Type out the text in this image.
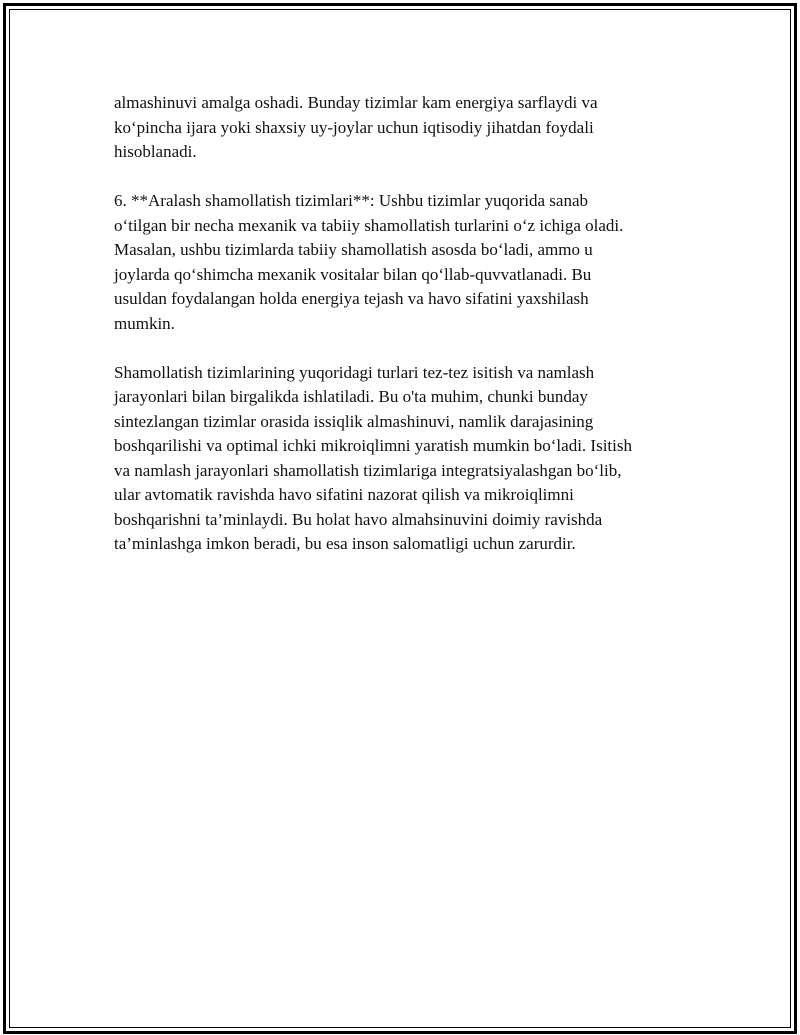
almashinuvi amalga oshadi. Bunday tizimlar kam energiya sarflaydi va
ko‘pincha ijara yoki shaxsiy uy-joylar uchun iqtisodiy jihatdan foydali
hisoblanadi.

6. **Aralash shamollatish tizimlari**: Ushbu tizimlar yuqorida sanab
o‘tilgan bir necha mexanik va tabiiy shamollatish turlarini o‘z ichiga oladi.
Masalan, ushbu tizimlarda tabiiy shamollatish asosda bo‘ladi, ammo u
joylarda qo‘shimcha mexanik vositalar bilan qo‘llab-quvvatlanadi. Bu
usuldan foydalangan holda energiya tejash va havo sifatini yaxshilash
mumkin.

Shamollatish tizimlarining yuqoridagi turlari tez-tez isitish va namlash
jarayonlari bilan birgalikda ishlatiladi. Bu o'ta muhim, chunki bunday
sintezlangan tizimlar orasida issiqlik almashinuvi, namlik darajasining
boshqarilishi va optimal ichki mikroiqlimni yaratish mumkin bo‘ladi. Isitish
va namlash jarayonlari shamollatish tizimlariga integratsiyalashgan bo‘lib,
ular avtomatik ravishda havo sifatini nazorat qilish va mikroiqlimni
boshqarishni ta’minlaydi. Bu holat havo almahsinuvini doimiy ravishda
ta’minlashga imkon beradi, bu esa inson salomatligi uchun zarurdir.
